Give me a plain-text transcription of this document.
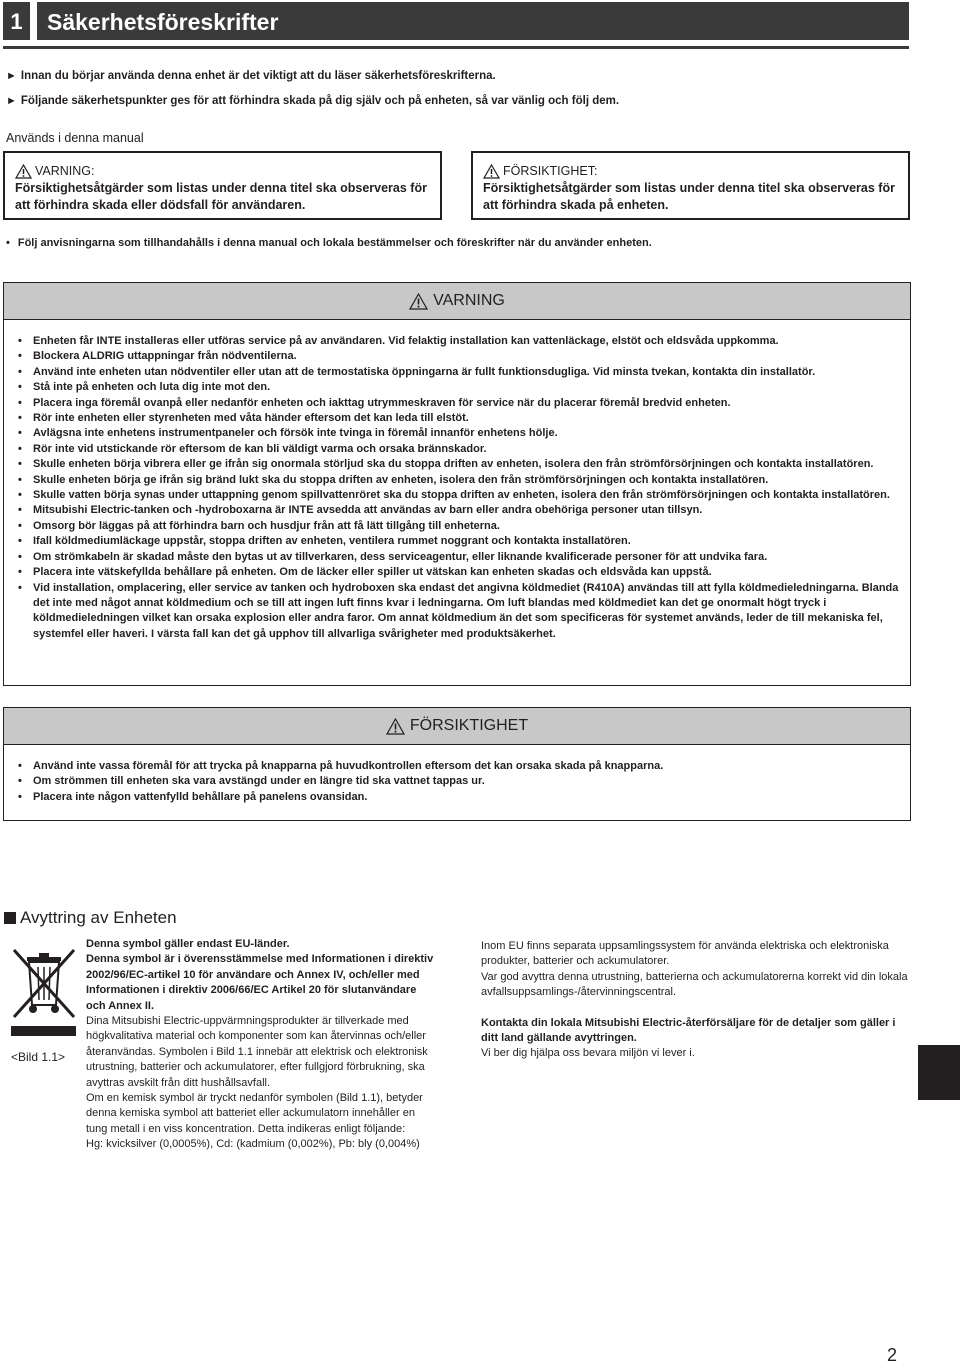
1	Säkerhetsföreskrifter
► Innan du börjar använda denna enhet är det viktigt att du läser säkerhetsföreskrifterna.
► Följande säkerhetspunkter ges för att förhindra skada på dig själv och på enheten, så var vänlig och följ dem.
Används i denna manual
VARNING:
Försiktighetsåtgärder som listas under denna titel ska observeras för att förhindra skada eller dödsfall för användaren.
FÖRSIKTIGHET:
Försiktighetsåtgärder som listas under denna titel ska observeras för att förhindra skada på enheten.
• Följ anvisningarna som tillhandahålls i denna manual och lokala bestämmelser och föreskrifter när du använder enheten.
VARNING
• Enheten får INTE installeras eller utföras service på av användaren. Vid felaktig installation kan vattenläckage, elstöt och eldsvåda uppkomma.
• Blockera ALDRIG uttappningar från nödventilerna.
• Använd inte enheten utan nödventiler eller utan att de termostatiska öppningarna är fullt funktionsdugliga. Vid minsta tvekan, kontakta din installatör.
• Stå inte på enheten och luta dig inte mot den.
• Placera inga föremål ovanpå eller nedanför enheten och iakttag utrymmeskraven för service när du placerar föremål bredvid enheten.
• Rör inte enheten eller styrenheten med våta händer eftersom det kan leda till elstöt.
• Avlägsna inte enhetens instrumentpaneler och försök inte tvinga in föremål innanför enhetens hölje.
• Rör inte vid utstickande rör eftersom de kan bli väldigt varma och orsaka brännskador.
• Skulle enheten börja vibrera eller ge ifrån sig onormala störljud ska du stoppa driften av enheten, isolera den från strömförsörjningen och kontakta installatören.
• Skulle enheten börja ge ifrån sig bränd lukt ska du stoppa driften av enheten, isolera den från strömförsörjningen och kontakta installatören.
• Skulle vatten börja synas under uttappning genom spillvattenröret ska du stoppa driften av enheten, isolera den från strömförsörjningen och kontakta installatören.
• Mitsubishi Electric-tanken och -hydroboxarna är INTE avsedda att användas av barn eller andra obehöriga personer utan tillsyn.
• Omsorg bör läggas på att förhindra barn och husdjur från att få lätt tillgång till enheterna.
• Ifall köldmediumläckage uppstår, stoppa driften av enheten, ventilera rummet noggrant och kontakta installatören.
• Om strömkabeln är skadad måste den bytas ut av tillverkaren, dess serviceagentur, eller liknande kvalificerade personer för att undvika fara.
• Placera inte vätskefyllda behållare på enheten. Om de läcker eller spiller ut vätskan kan enheten skadas och eldsvåda kan uppstå.
• Vid installation, omplacering, eller service av tanken och hydroboxen ska endast det angivna köldmediet (R410A) användas till att fylla köldmedieledningarna. Blanda det inte med något annat köldmedium och se till att ingen luft finns kvar i ledningarna. Om luft blandas med köldmediet kan det ge onormalt högt tryck i köldmedieledningen vilket kan orsaka explosion eller andra faror. Om annat köldmedium än det som specificeras för systemet används, leder de till mekaniska fel, systemfel eller haveri. I värsta fall kan det gå upphov till allvarliga svårigheter med produktsäkerhet.
FÖRSIKTIGHET
• Använd inte vassa föremål för att trycka på knapparna på huvudkontrollen eftersom det kan orsaka skada på knapparna.
• Om strömmen till enheten ska vara avstängd under en längre tid ska vattnet tappas ur.
• Placera inte någon vattenfylld behållare på panelens ovansidan.
Avyttring av Enheten
<Bild 1.1>
Denna symbol gäller endast EU-länder.
Denna symbol är i överensstämmelse med Informationen i direktiv 2002/96/EC-artikel 10 för användare och Annex IV, och/eller med Informationen i direktiv 2006/66/EC Artikel 20 för slutanvändare och Annex II.
Dina Mitsubishi Electric-uppvärmningsprodukter är tillverkade med högkvalitativa material och komponenter som kan återvinnas och/eller återanvändas. Symbolen i Bild 1.1 innebär att elektrisk och elektronisk utrustning, batterier och ackumulatorer, efter fullgjord förbrukning, ska avyttras avskilt från ditt hushållsavfall.
Om en kemisk symbol är tryckt nedanför symbolen (Bild 1.1), betyder denna kemiska symbol att batteriet eller ackumulatorn innehåller en tung metall i en viss koncentration. Detta indikeras enligt följande:
Hg: kvicksilver (0,0005%), Cd: (kadmium (0,002%), Pb: bly (0,004%)
Inom EU finns separata uppsamlingssystem för använda elektriska och elektroniska produkter, batterier och ackumulatorer.
Var god avyttra denna utrustning, batterierna och ackumulatorerna korrekt vid din lokala avfallsuppsamlings-/återvinningscentral.
Kontakta din lokala Mitsubishi Electric-återförsäljare för de detaljer som gäller i ditt land gällande avyttringen.
Vi ber dig hjälpa oss bevara miljön vi lever i.
2
